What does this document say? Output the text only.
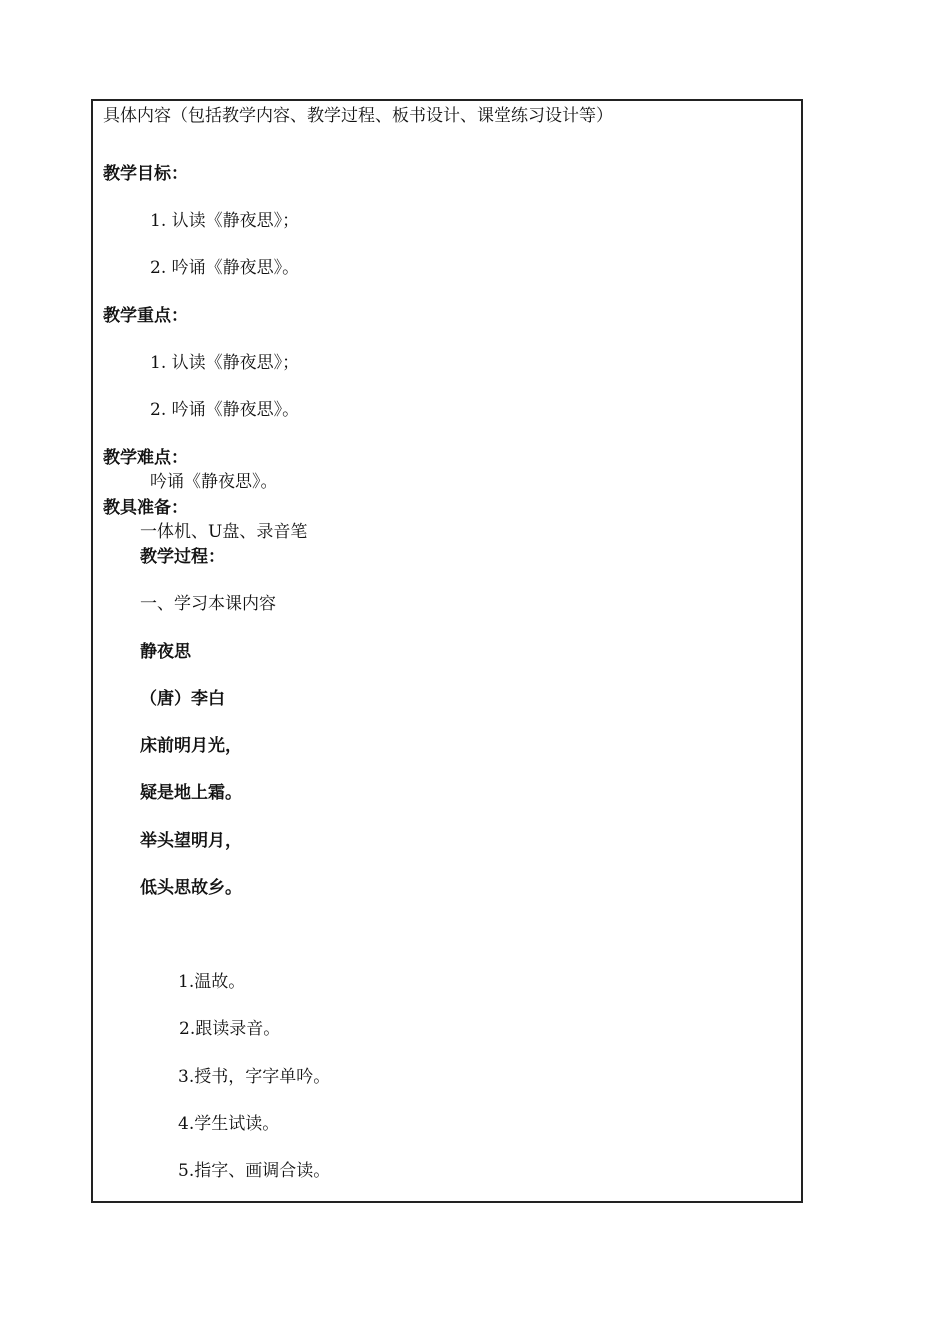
具体内容（包括教学内容、教学过程、板书设计、课堂练习设计等）
教学目标：
1. 认读《静夜思》；
2. 吟诵《静夜思》。
教学重点：
1. 认读《静夜思》；
2. 吟诵《静夜思》。
教学难点：
吟诵《静夜思》。
教具准备：
一体机、U盘、录音笔
教学过程：
一、学习本课内容
静夜思
（唐）李白
床前明月光，
疑是地上霜。
举头望明月，
低头思故乡。
1.温故。
2.跟读录音。
3.授书，字字单吟。
4.学生试读。
5.指字、画调合读。
